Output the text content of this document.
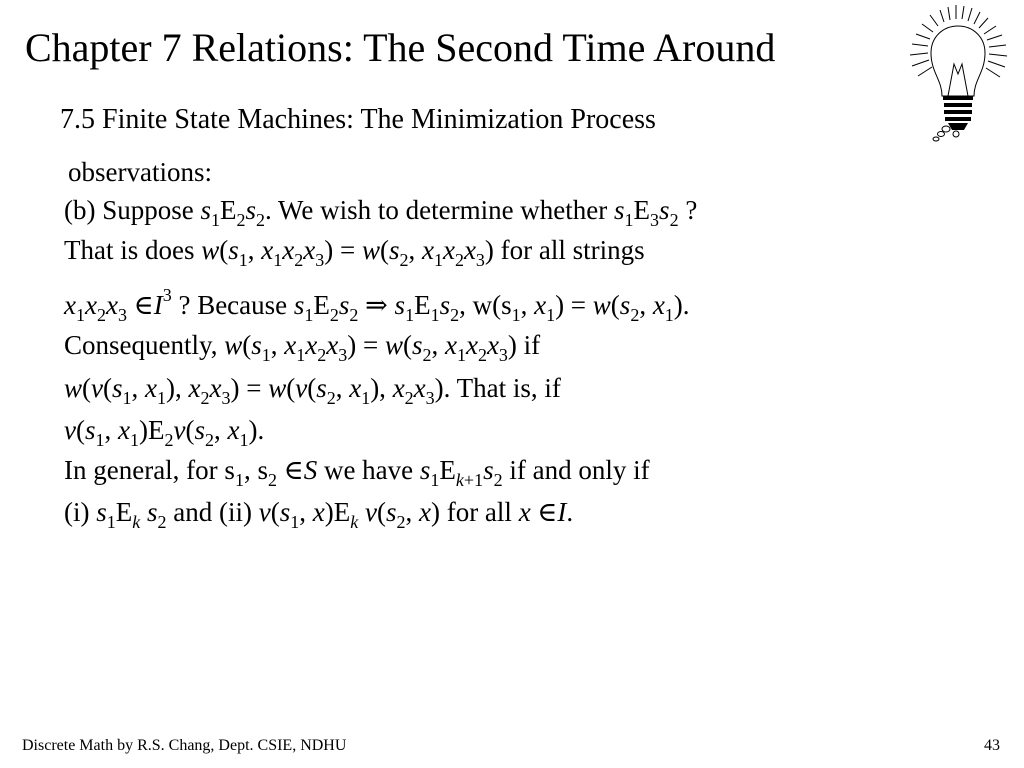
Chapter 7 Relations: The Second Time Around
7.5 Finite State Machines: The Minimization Process
observations:
(b) Suppose $s_1E_2s_2$. We wish to determine whether $s_1E_3s_2$ ?
That is does $w(s_1$, $x_1x_2x_3) = w(s_2$, $x_1x_2x_3$) for all strings
$x_1x_2x_3$ $\in I^3$ ? Because $s_1E_2s_2$ ⇒ $s_1E_1s_2$, $w(s_1$, $x_1) = w(s_2$, $x_1$).
Consequently, $w(s_1$, $x_1x_2x_3) = w(s_2$, $x_1x_2x_3$) if
$w(v(s_1$, $x_1$), $x_2x_3) = w(v(s_2$, $x_1$), $x_2x_3$). That is, if
$v(s_1$, $x_1)E_2v(s_2$, $x_1$).
In general, for $s_1$, $s_2$ ∈S we have $s_1E_{k+1}s_2$ if and only if
(i) $s_1E_k$ $s_2$ and (ii) $v(s_1$, $x)E_k$ $v(s_2$, x) for all x ∈I.
Discrete Math by R.S. Chang, Dept. CSIE, NDHU	43
